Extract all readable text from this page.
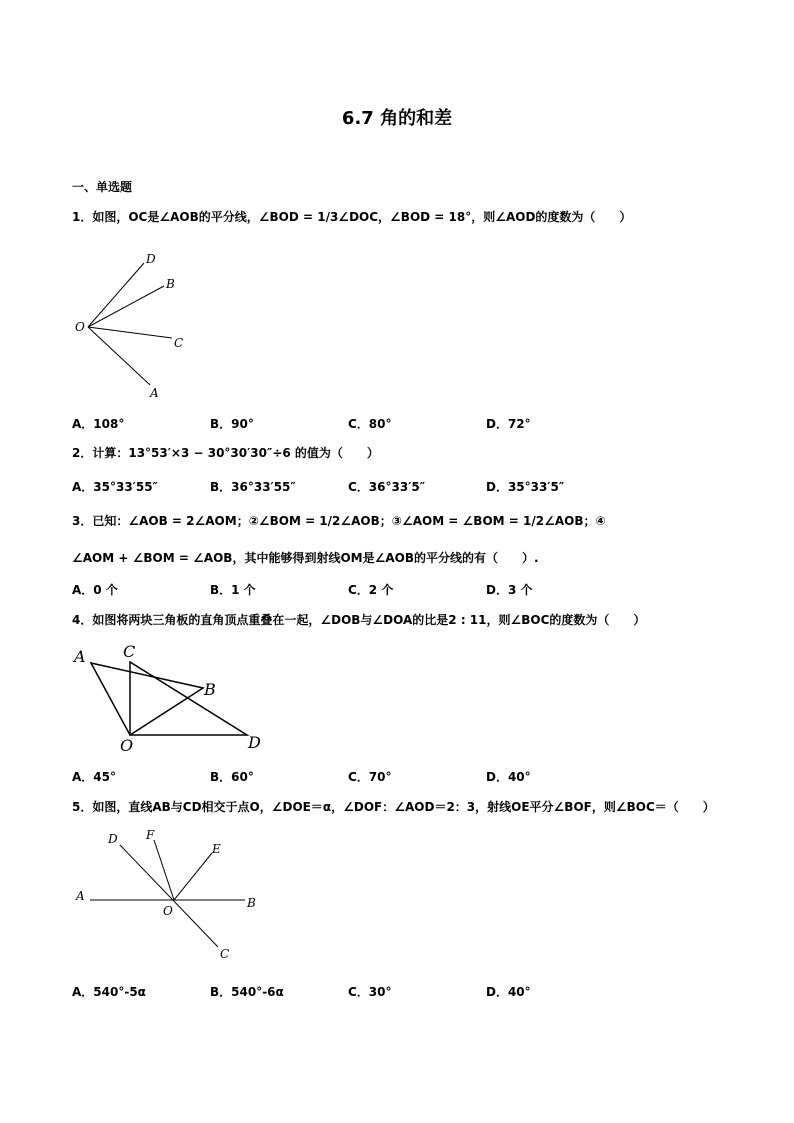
6.7 角的和差
一、单选题
1．如图，OC是∠AOB的平分线，∠BOD = 1/3∠DOC，∠BOD = 18°，则∠AOD的度数为（　　）
D
B
O
C
A
A．108°	B．90°	C．80°	D．72°
2．计算：13°53′×3 − 30°30′30″÷6 的值为（　　）
A．35°33′55″	B．36°33′55″	C．36°33′5″	D．35°33′5″
3．已知：∠AOB = 2∠AOM；②∠BOM = 1/2∠AOB；③∠AOM = ∠BOM = 1/2∠AOB；④
∠AOM + ∠BOM = ∠AOB，其中能够得到射线OM是∠AOB的平分线的有（　　）.
A．0 个	B．1 个	C．2 个	D．3 个
4．如图将两块三角板的直角顶点重叠在一起，∠DOB与∠DOA的比是2 : 11，则∠BOC的度数为（　　）
A C
B
O	D
A．45°	B．60°	C．70°	D．40°
5．如图，直线AB与CD相交于点O，∠DOE＝α，∠DOF：∠AOD＝2：3，射线OE平分∠BOF，则∠BOC＝（　　）
D F
E
A
O
B
C
A．540°-5α	B．540°-6α	C．30°	D．40°
